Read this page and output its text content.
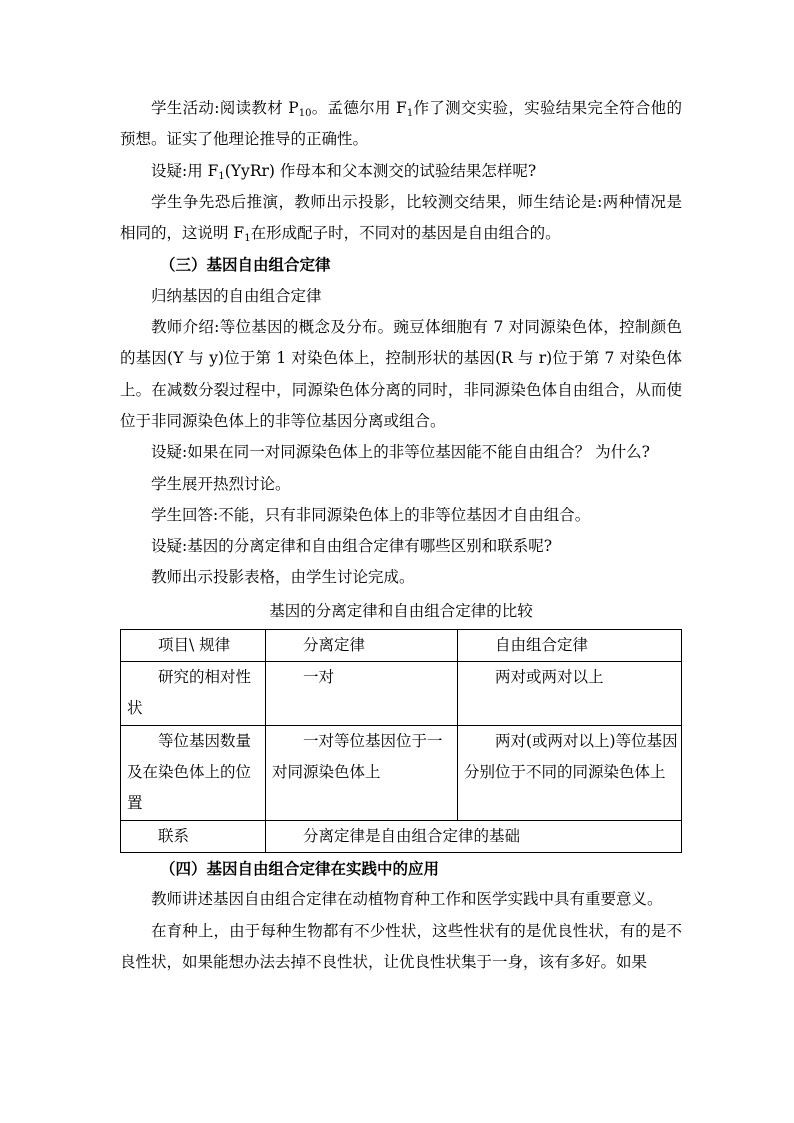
学生活动:阅读教材 $P_{10}$。孟德尔用 $F_1$作了测交实验，实验结果完全符合他的预想。证实了他理论推导的正确性。

设疑:用 $F_1(YyRr)$ 作母本和父本测交的试验结果怎样呢?

学生争先恐后推演，教师出示投影，比较测交结果，师生结论是:两种情况是相同的，这说明 $F_1$在形成配子时，不同对的基因是自由组合的。

（三）基因自由组合定律

归纳基因的自由组合定律

教师介绍:等位基因的概念及分布。豌豆体细胞有 7 对同源染色体，控制颜色的基因(Y 与 y)位于第 1 对染色体上，控制形状的基因(R 与 r)位于第 7 对染色体上。在减数分裂过程中，同源染色体分离的同时，非同源染色体自由组合，从而使位于非同源染色体上的非等位基因分离或组合。

设疑:如果在同一对同源染色体上的非等位基因能不能自由组合？ 为什么?

学生展开热烈讨论。

学生回答:不能，只有非同源染色体上的非等位基因才自由组合。

设疑:基因的分离定律和自由组合定律有哪些区别和联系呢?

教师出示投影表格，由学生讨论完成。

基因的分离定律和自由组合定律的比较

项目\ 规律	分离定律	自由组合定律
研究的相对性状	一对	两对或两对以上
等位基因数量及在染色体上的位置	一对等位基因位于一对同源染色体上	两对(或两对以上)等位基因分别位于不同的同源染色体上
联系	分离定律是自由组合定律的基础	

（四）基因自由组合定律在实践中的应用

教师讲述基因自由组合定律在动植物育种工作和医学实践中具有重要意义。

在育种上，由于每种生物都有不少性状，这些性状有的是优良性状，有的是不良性状，如果能想办法去掉不良性状，让优良性状集于一身，该有多好。如果
